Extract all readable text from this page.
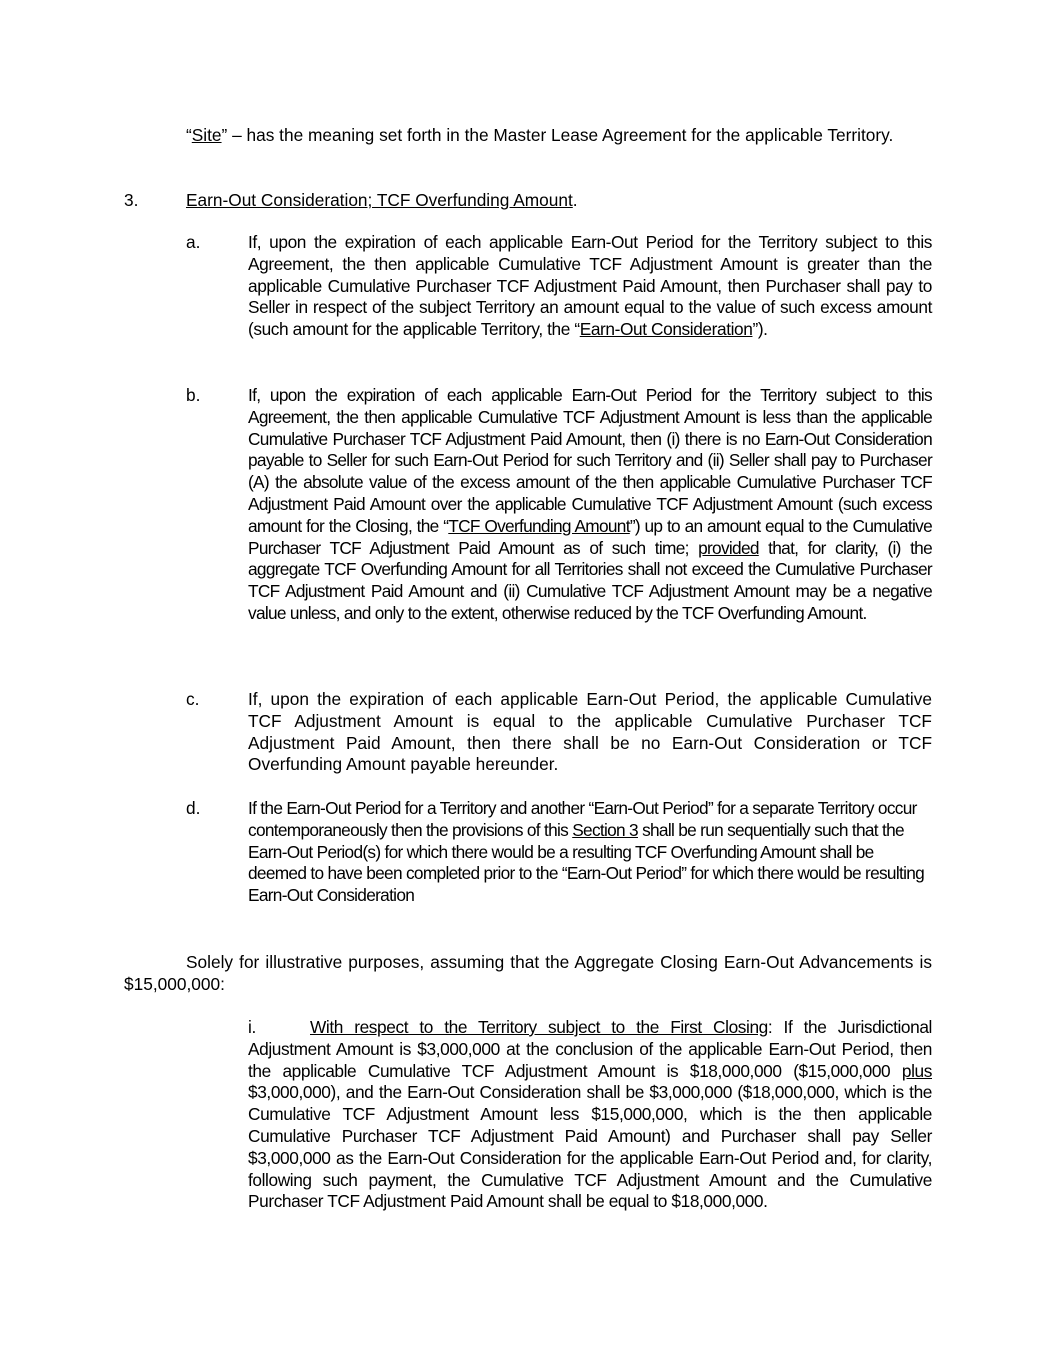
“Site” – has the meaning set forth in the Master Lease Agreement for the applicable Territory.

3.	Earn-Out Consideration; TCF Overfunding Amount.
a.	If, upon the expiration of each applicable Earn-Out Period for the Territory subject to this Agreement, the then applicable Cumulative TCF Adjustment Amount is greater than the applicable Cumulative Purchaser TCF Adjustment Paid Amount, then Purchaser shall pay to Seller in respect of the subject Territory an amount equal to the value of such excess amount (such amount for the applicable Territory, the “Earn-Out Consideration”).
b.	If, upon the expiration of each applicable Earn-Out Period for the Territory subject to this Agreement, the then applicable Cumulative TCF Adjustment Amount is less than the applicable Cumulative Purchaser TCF Adjustment Paid Amount, then (i) there is no Earn-Out Consideration payable to Seller for such Earn-Out Period for such Territory and (ii) Seller shall pay to Purchaser (A) the absolute value of the excess amount of the then applicable Cumulative Purchaser TCF Adjustment Paid Amount over the applicable Cumulative TCF Adjustment Amount (such excess amount for the Closing, the “TCF Overfunding Amount”) up to an amount equal to the Cumulative Purchaser TCF Adjustment Paid Amount as of such time; provided that, for clarity, (i) the aggregate TCF Overfunding Amount for all Territories shall not exceed the Cumulative Purchaser TCF Adjustment Paid Amount and (ii) Cumulative TCF Adjustment Amount may be a negative value unless, and only to the extent, otherwise reduced by the TCF Overfunding Amount.
c.	If, upon the expiration of each applicable Earn-Out Period, the applicable Cumulative TCF Adjustment Amount is equal to the applicable Cumulative Purchaser TCF Adjustment Paid Amount, then there shall be no Earn-Out Consideration or TCF Overfunding Amount payable hereunder.
d.	If the Earn-Out Period for a Territory and another “Earn-Out Period” for a separate Territory occur contemporaneously then the provisions of this Section 3 shall be run sequentially such that the Earn-Out Period(s) for which there would be a resulting TCF Overfunding Amount shall be deemed to have been completed prior to the “Earn-Out Period” for which there would be resulting Earn-Out Consideration

Solely for illustrative purposes, assuming that the Aggregate Closing Earn-Out Advancements is $15,000,000:

i.	With respect to the Territory subject to the First Closing: If the Jurisdictional Adjustment Amount is $3,000,000 at the conclusion of the applicable Earn-Out Period, then the applicable Cumulative TCF Adjustment Amount is $18,000,000 ($15,000,000 plus $3,000,000), and the Earn-Out Consideration shall be $3,000,000 ($18,000,000, which is the Cumulative TCF Adjustment Amount less $15,000,000, which is the then applicable Cumulative Purchaser TCF Adjustment Paid Amount) and Purchaser shall pay Seller $3,000,000 as the Earn-Out Consideration for the applicable Earn-Out Period and, for clarity, following such payment, the Cumulative TCF Adjustment Amount and the Cumulative Purchaser TCF Adjustment Paid Amount shall be equal to $18,000,000.
